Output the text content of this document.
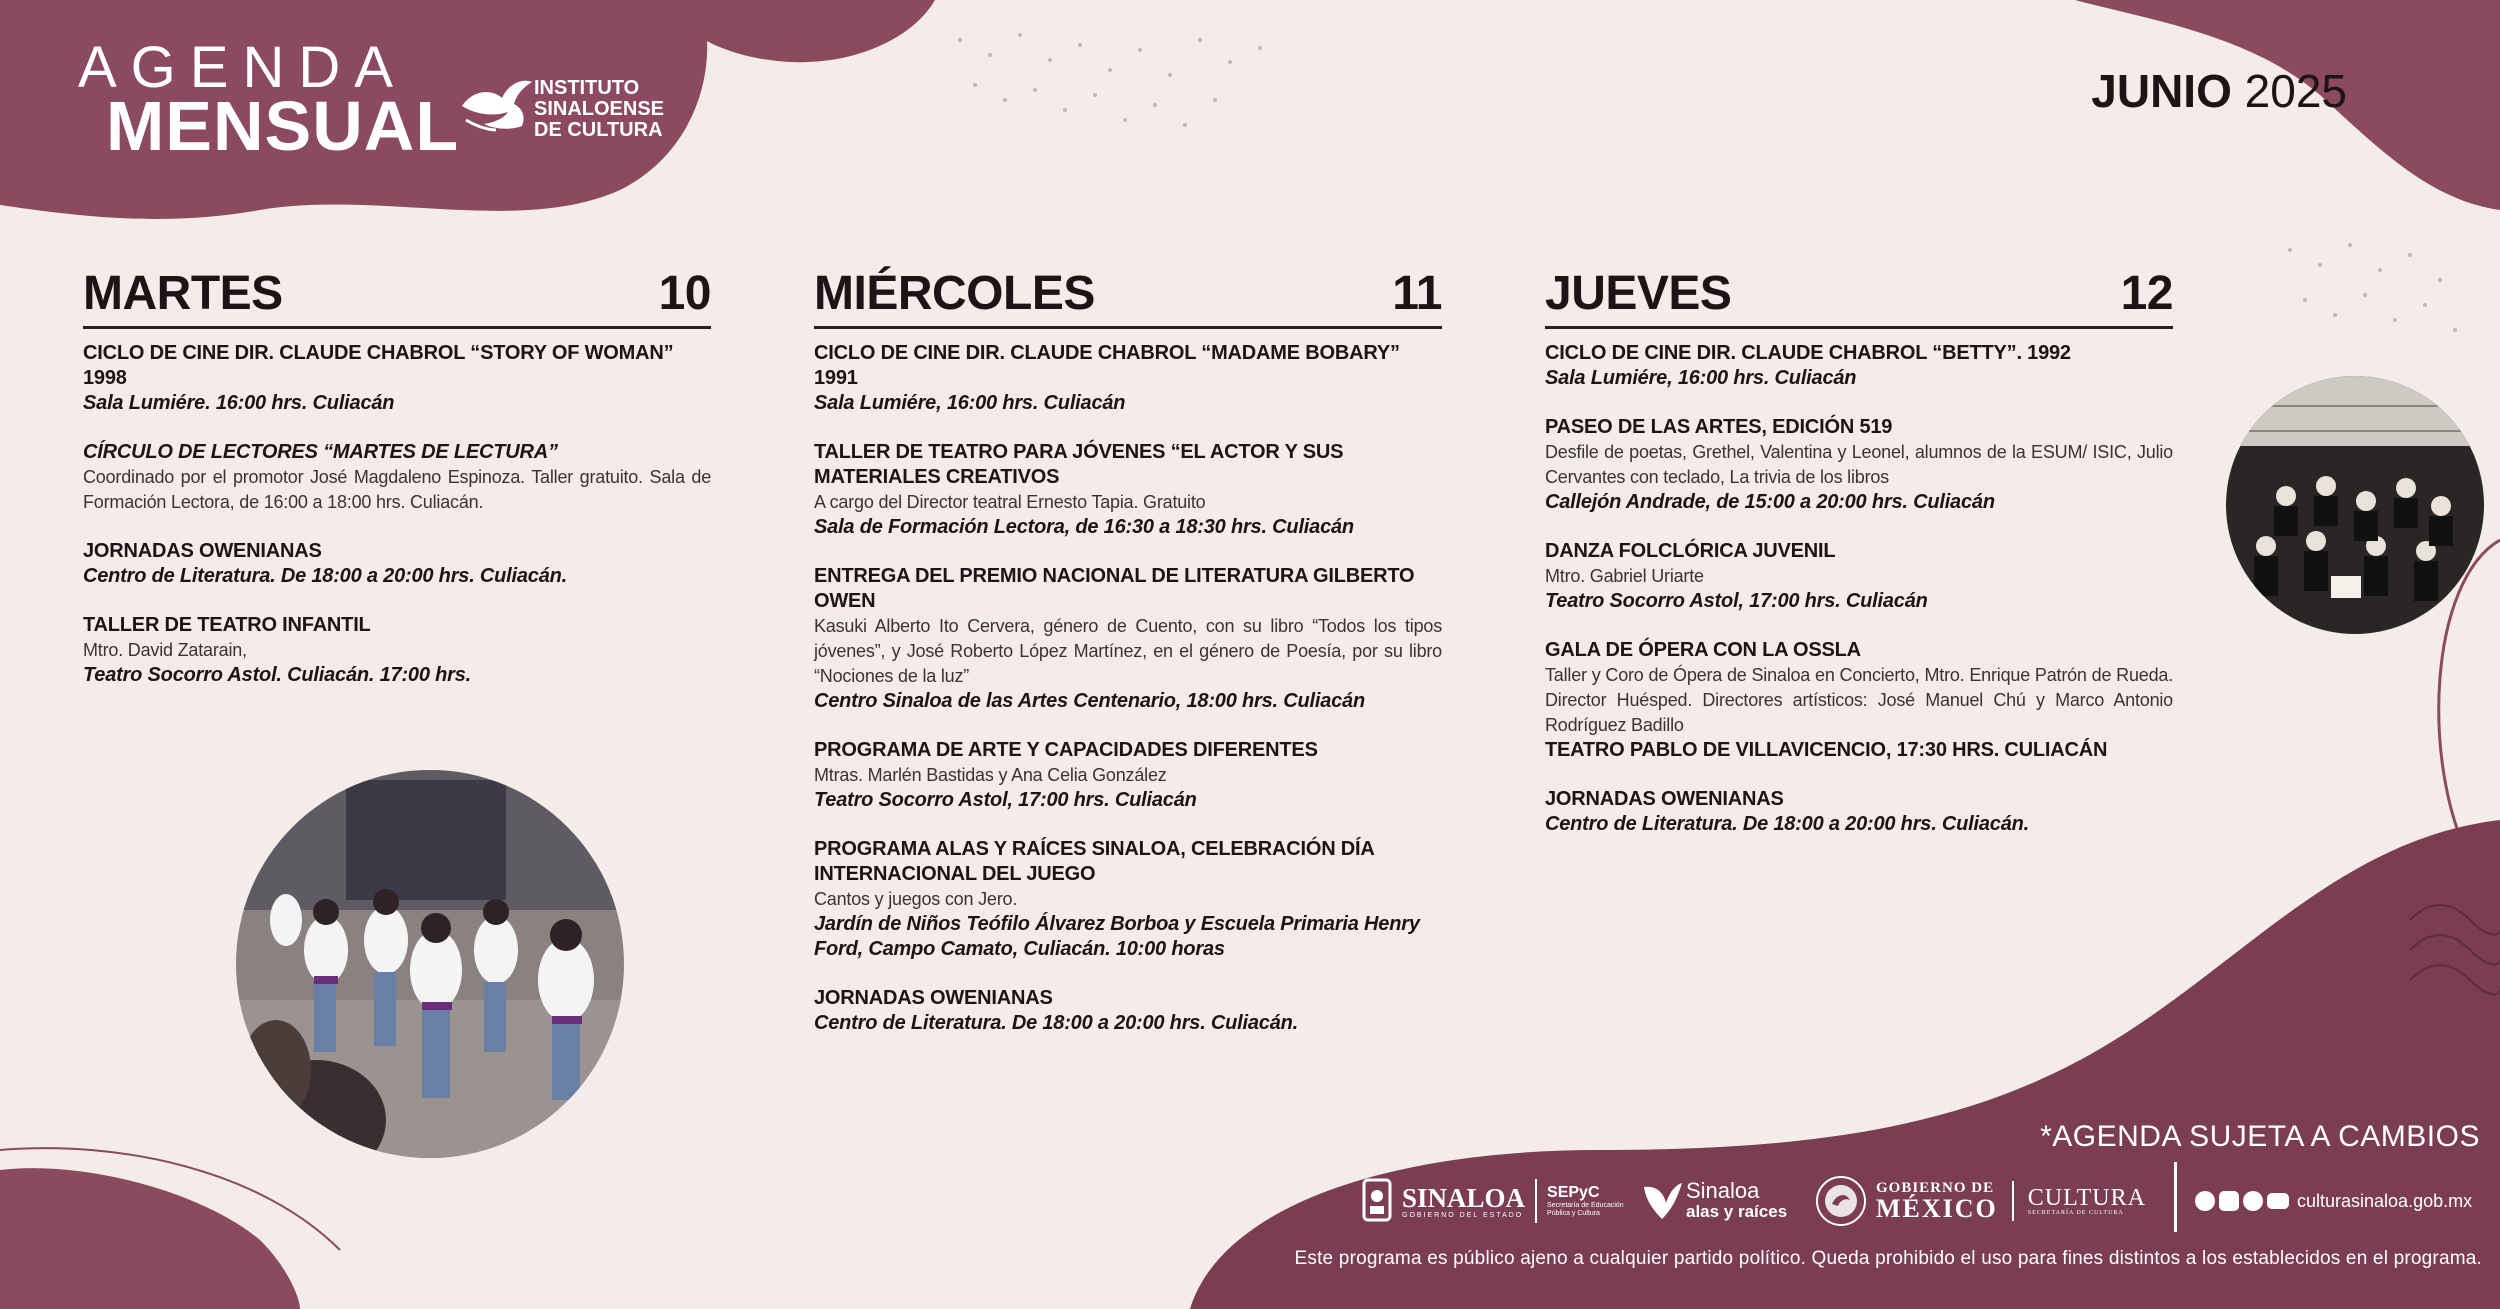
AGENDA
MENSUAL	INSTITUTO
SINALOENSE
DE CULTURA
JUNIO 2025
MARTES	10
CICLO DE CINE DIR. CLAUDE CHABROL “STORY OF WOMAN” 1998
Sala Lumiére. 16:00 hrs. Culiacán
CÍRCULO DE LECTORES “MARTES DE LECTURA”
Coordinado por el promotor José Magdaleno Espinoza. Taller gratuito. Sala de Formación Lectora, de 16:00 a 18:00 hrs. Culiacán.
JORNADAS OWENIANAS
Centro de Literatura. De 18:00 a 20:00 hrs. Culiacán.
TALLER DE TEATRO INFANTIL
Mtro. David Zatarain,
Teatro Socorro Astol. Culiacán. 17:00 hrs.
MIÉRCOLES	11
CICLO DE CINE DIR. CLAUDE CHABROL “MADAME BOBARY” 1991
Sala Lumiére, 16:00 hrs. Culiacán
TALLER DE TEATRO PARA JÓVENES “EL ACTOR Y SUS MATERIALES CREATIVOS
A cargo del Director teatral Ernesto Tapia. Gratuito
Sala de Formación Lectora, de 16:30 a 18:30 hrs. Culiacán
ENTREGA DEL PREMIO NACIONAL DE LITERATURA GILBERTO OWEN
Kasuki Alberto Ito Cervera, género de Cuento, con su libro “Todos los tipos jóvenes”, y José Roberto López Martínez, en el género de Poesía, por su libro “Nociones de la luz”
Centro Sinaloa de las Artes Centenario, 18:00 hrs. Culiacán
PROGRAMA DE ARTE Y CAPACIDADES DIFERENTES
Mtras. Marlén Bastidas y Ana Celia González
Teatro Socorro Astol, 17:00 hrs. Culiacán
PROGRAMA ALAS Y RAÍCES SINALOA, CELEBRACIÓN DÍA INTERNACIONAL DEL JUEGO
Cantos y juegos con Jero.
Jardín de Niños Teófilo Álvarez Borboa y Escuela Primaria Henry Ford, Campo Camato, Culiacán. 10:00 horas
JORNADAS OWENIANAS
Centro de Literatura. De 18:00 a 20:00 hrs. Culiacán.
JUEVES	12
CICLO DE CINE DIR. CLAUDE CHABROL “BETTY”. 1992
Sala Lumiére, 16:00 hrs. Culiacán
PASEO DE LAS ARTES, EDICIÓN 519
Desfile de poetas, Grethel, Valentina y Leonel, alumnos de la ESUM/ ISIC, Julio Cervantes con teclado, La trivia de los libros
Callejón Andrade, de 15:00 a 20:00 hrs. Culiacán
DANZA FOLCLÓRICA JUVENIL
Mtro. Gabriel Uriarte
Teatro Socorro Astol, 17:00 hrs. Culiacán
GALA DE ÓPERA CON LA OSSLA
Taller y Coro de Ópera de Sinaloa en Concierto, Mtro. Enrique Patrón de Rueda. Director Huésped. Directores artísticos: José Manuel Chú y Marco Antonio Rodríguez Badillo
TEATRO PABLO DE VILLAVICENCIO, 17:30 HRS. CULIACÁN
JORNADAS OWENIANAS
Centro de Literatura. De 18:00 a 20:00 hrs. Culiacán.
*AGENDA SUJETA A CAMBIOS
SINALOA
GOBIERNO DEL ESTADO
SEPyC
Secretaría de Educación Pública y Cultura
Sinaloa
alas y raíces
GOBIERNO DE
MÉXICO CULTURA
SECRETARÍA DE CULTURA
culturasinaloa.gob.mx
Este programa es público ajeno a cualquier partido político. Queda prohibido el uso para fines distintos a los establecidos en el programa.
